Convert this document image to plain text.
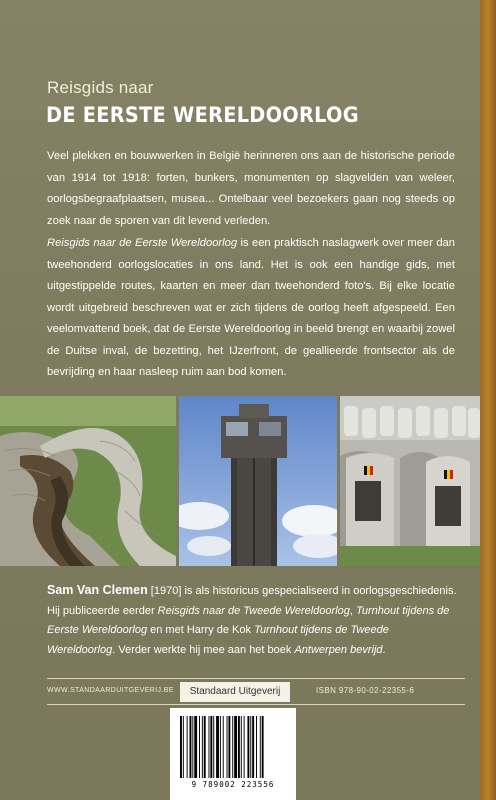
Reisgids naar
DE EERSTE WERELDOORLOG

Veel plekken en bouwwerken in België herinneren ons aan de historische periode van 1914 tot 1918: forten, bunkers, monumenten op slagvelden van weleer, oorlogsbegraafplaatsen, musea... Ontelbaar veel bezoekers gaan nog steeds op zoek naar de sporen van dit levend verleden.

Reisgids naar de Eerste Wereldoorlog is een praktisch naslagwerk over meer dan tweehonderd oorlogslocaties in ons land. Het is ook een handige gids, met uitgestippelde routes, kaarten en meer dan tweehonderd foto's. Bij elke locatie wordt uitgebreid beschreven wat er zich tijdens de oorlog heeft afgespeeld. Een veelomvattend boek, dat de Eerste Wereldoorlog in beeld brengt en waarbij zowel de Duitse inval, de bezetting, het IJzerfront, de geallieerde frontsector als de bevrijding en haar nasleep ruim aan bod komen.

Sam Van Clemen [1970] is als historicus gespecialiseerd in oorlogsgeschiedenis. Hij publiceerde eerder Reisgids naar de Tweede Wereldoorlog, Turnhout tijdens de Eerste Wereldoorlog en met Harry de Kok Turnhout tijdens de Tweede Wereldoorlog. Verder werkte hij mee aan het boek Antwerpen bevrijd.

WWW.STANDAARDUITGEVERIJ.BE	Standaard Uitgeverij	ISBN 978-90-02-22355-6

9 789002 223556
